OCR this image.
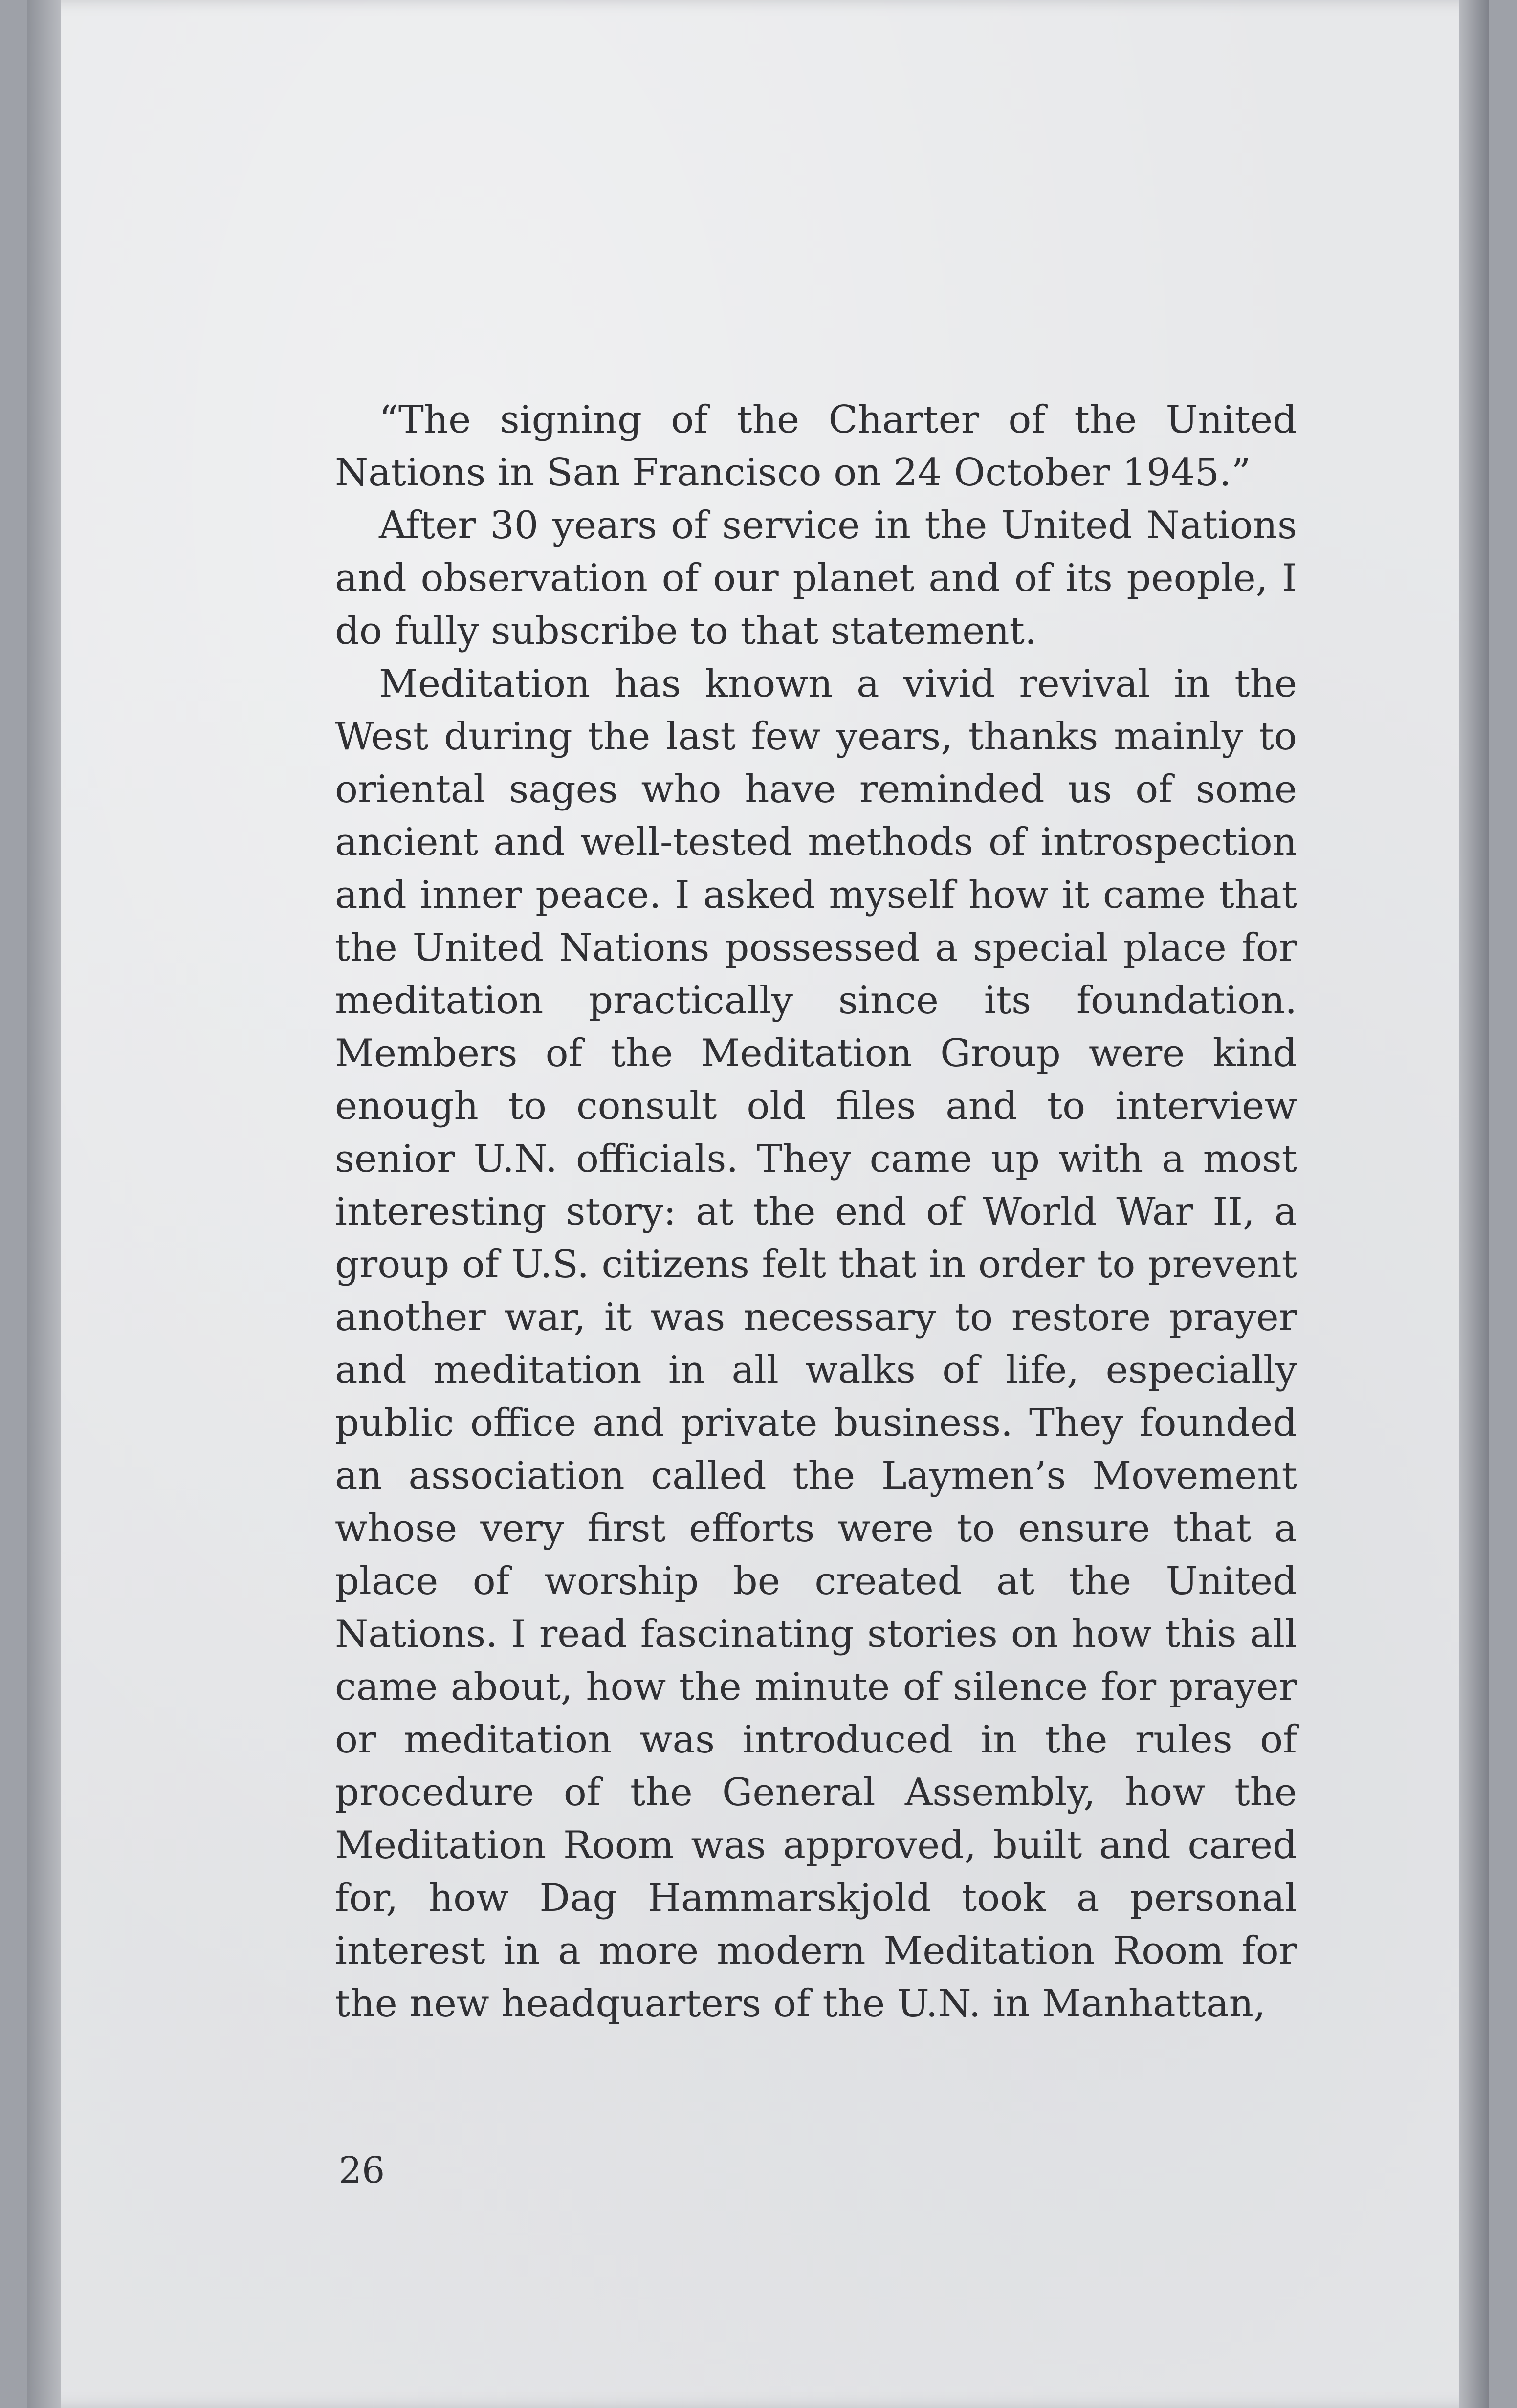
“The signing of the Charter of the United Nations in San Francisco on 24 October 1945.”

After 30 years of service in the United Nations and observation of our planet and of its people, I do fully subscribe to that statement.

Meditation has known a vivid revival in the West during the last few years, thanks mainly to oriental sages who have reminded us of some ancient and well-tested methods of introspection and inner peace. I asked myself how it came that the United Nations possessed a special place for meditation practically since its foundation. Members of the Meditation Group were kind enough to consult old files and to interview senior U.N. officials. They came up with a most interesting story: at the end of World War II, a group of U.S. citizens felt that in order to prevent another war, it was necessary to restore prayer and meditation in all walks of life, especially public office and private business. They founded an association called the Laymen’s Movement whose very first efforts were to ensure that a place of worship be created at the United Nations. I read fascinating stories on how this all came about, how the minute of silence for prayer or meditation was introduced in the rules of procedure of the General Assembly, how the Meditation Room was approved, built and cared for, how Dag Hammarskjold took a personal interest in a more modern Meditation Room for the new headquarters of the U.N. in Manhattan,

26
